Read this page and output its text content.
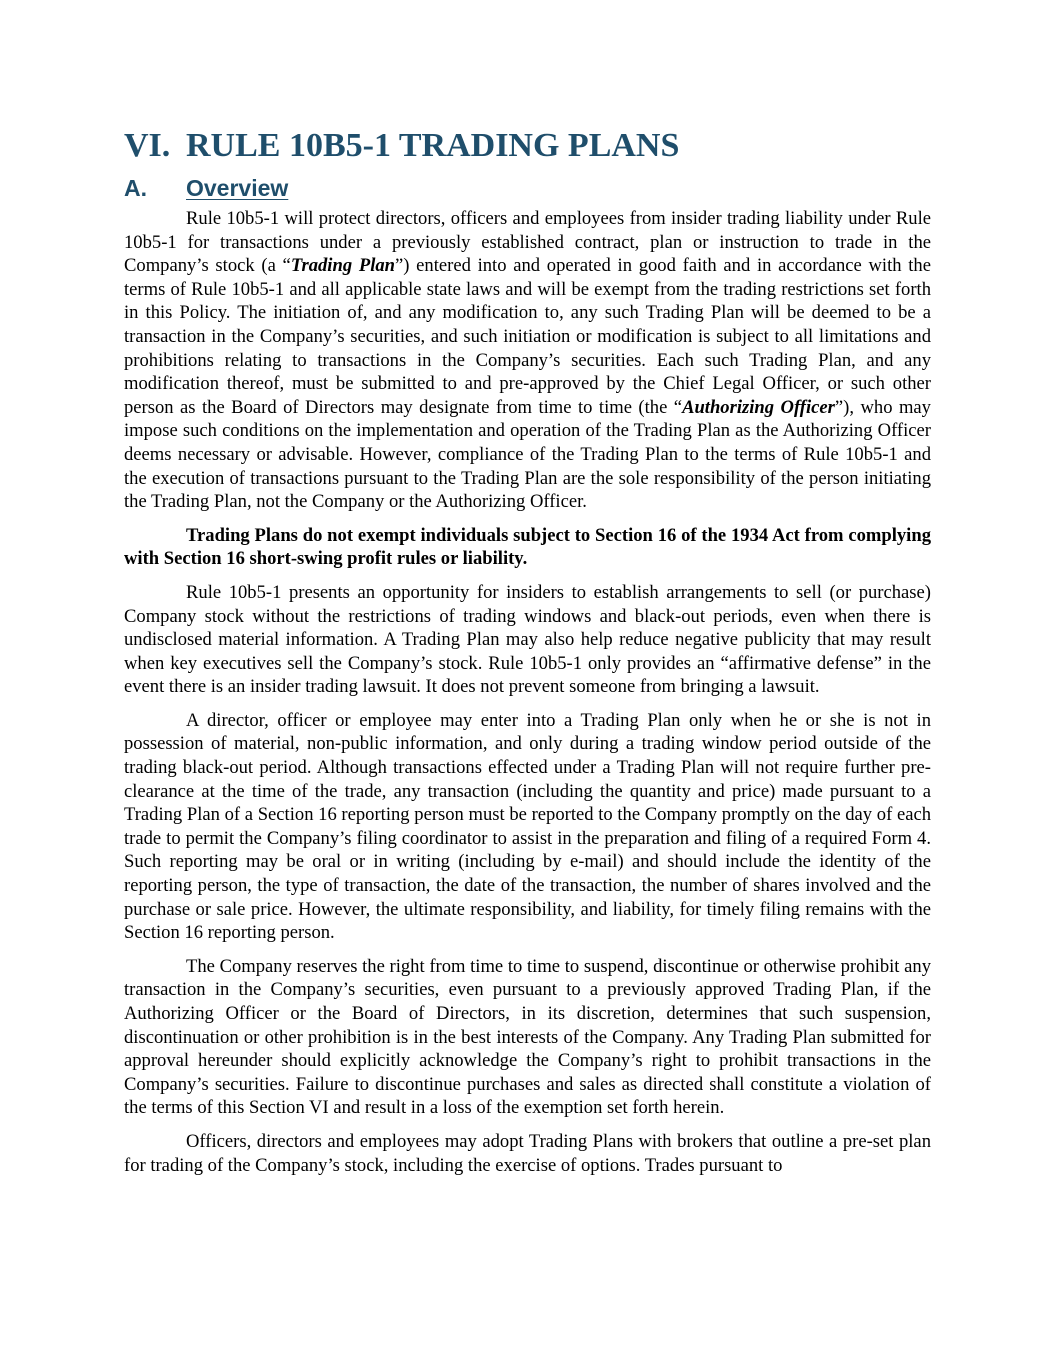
VI. RULE 10B5-1 TRADING PLANS
A.	Overview

Rule 10b5-1 will protect directors, officers and employees from insider trading liability under Rule 10b5-1 for transactions under a previously established contract, plan or instruction to trade in the Company’s stock (a “Trading Plan”) entered into and operated in good faith and in accordance with the terms of Rule 10b5-1 and all applicable state laws and will be exempt from the trading restrictions set forth in this Policy. The initiation of, and any modification to, any such Trading Plan will be deemed to be a transaction in the Company’s securities, and such initiation or modification is subject to all limitations and prohibitions relating to transactions in the Company’s securities. Each such Trading Plan, and any modification thereof, must be submitted to and pre-approved by the Chief Legal Officer, or such other person as the Board of Directors may designate from time to time (the “Authorizing Officer”), who may impose such conditions on the implementation and operation of the Trading Plan as the Authorizing Officer deems necessary or advisable. However, compliance of the Trading Plan to the terms of Rule 10b5-1 and the execution of transactions pursuant to the Trading Plan are the sole responsibility of the person initiating the Trading Plan, not the Company or the Authorizing Officer.

Trading Plans do not exempt individuals subject to Section 16 of the 1934 Act from complying with Section 16 short-swing profit rules or liability.

Rule 10b5-1 presents an opportunity for insiders to establish arrangements to sell (or purchase) Company stock without the restrictions of trading windows and black-out periods, even when there is undisclosed material information. A Trading Plan may also help reduce negative publicity that may result when key executives sell the Company’s stock. Rule 10b5-1 only provides an “affirmative defense” in the event there is an insider trading lawsuit. It does not prevent someone from bringing a lawsuit.

A director, officer or employee may enter into a Trading Plan only when he or she is not in possession of material, non-public information, and only during a trading window period outside of the trading black-out period. Although transactions effected under a Trading Plan will not require further pre-clearance at the time of the trade, any transaction (including the quantity and price) made pursuant to a Trading Plan of a Section 16 reporting person must be reported to the Company promptly on the day of each trade to permit the Company’s filing coordinator to assist in the preparation and filing of a required Form 4. Such reporting may be oral or in writing (including by e-mail) and should include the identity of the reporting person, the type of transaction, the date of the transaction, the number of shares involved and the purchase or sale price. However, the ultimate responsibility, and liability, for timely filing remains with the Section 16 reporting person.

The Company reserves the right from time to time to suspend, discontinue or otherwise prohibit any transaction in the Company’s securities, even pursuant to a previously approved Trading Plan, if the Authorizing Officer or the Board of Directors, in its discretion, determines that such suspension, discontinuation or other prohibition is in the best interests of the Company. Any Trading Plan submitted for approval hereunder should explicitly acknowledge the Company’s right to prohibit transactions in the Company’s securities. Failure to discontinue purchases and sales as directed shall constitute a violation of the terms of this Section VI and result in a loss of the exemption set forth herein.

Officers, directors and employees may adopt Trading Plans with brokers that outline a pre-set plan for trading of the Company’s stock, including the exercise of options. Trades pursuant to
